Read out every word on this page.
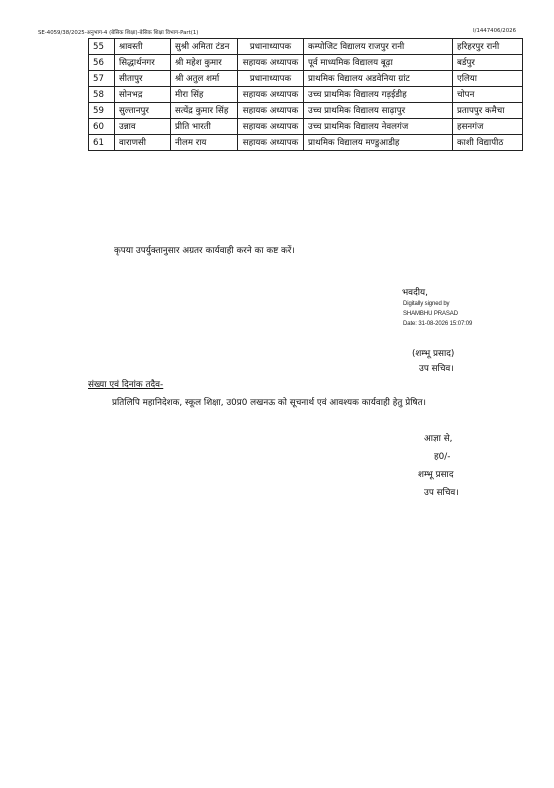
SE-4059/38/2025-अनुभाग-4 (बेसिक शिक्षा)-बेसिक शिक्षा विभाग-Part(1)	I/1447406/2026
55	श्रावस्ती	सुश्री अमिता टंडन	प्रधानाध्यापक	कम्पोजिट विद्यालय राजपुर रानी	हरिहरपुर रानी
56	सिद्धार्थनगर	श्री महेश कुमार	सहायक अध्यापक	पूर्व माध्यमिक विद्यालय बूढ़ा	बर्डपुर
57	सीतापुर	श्री अतुल शर्मा	प्रधानाध्यापक	प्राथमिक विद्यालय अडवेनिया ग्रांट	एलिया
58	सोनभद्र	मीरा सिंह	सहायक अध्यापक	उच्च प्राथमिक विद्यालय गड़ईडीह	चोपन
59	सुल्तानपुर	सत्येंद्र कुमार सिंह	सहायक अध्यापक	उच्च प्राथमिक विद्यालय साढ़ापुर	प्रतापपुर कमैचा
60	उन्नाव	प्रीति भारती	सहायक अध्यापक	उच्च प्राथमिक विद्यालय नेवलगंज	हसनगंज
61	वाराणसी	नीलम राय	सहायक अध्यापक	प्राथमिक विद्यालय मण्डुआडीह	काशी विद्यापीठ
कृपया उपर्युक्तानुसार अग्रतर कार्यवाही करने का कष्ट करें।
भवदीय,
Digitally signed by
SHAMBHU PRASAD
Date: 31-08-2026 15:07:09
(शम्भू प्रसाद)
उप सचिव।
संख्या एवं दिनांक तदैव-
प्रतिलिपि महानिदेशक, स्कूल शिक्षा, उ0प्र0 लखनऊ को सूचनार्थ एवं आवश्यक कार्यवाही हेतु प्रेषित।
आज्ञा से,
ह0/-
शम्भू प्रसाद
उप सचिव।
